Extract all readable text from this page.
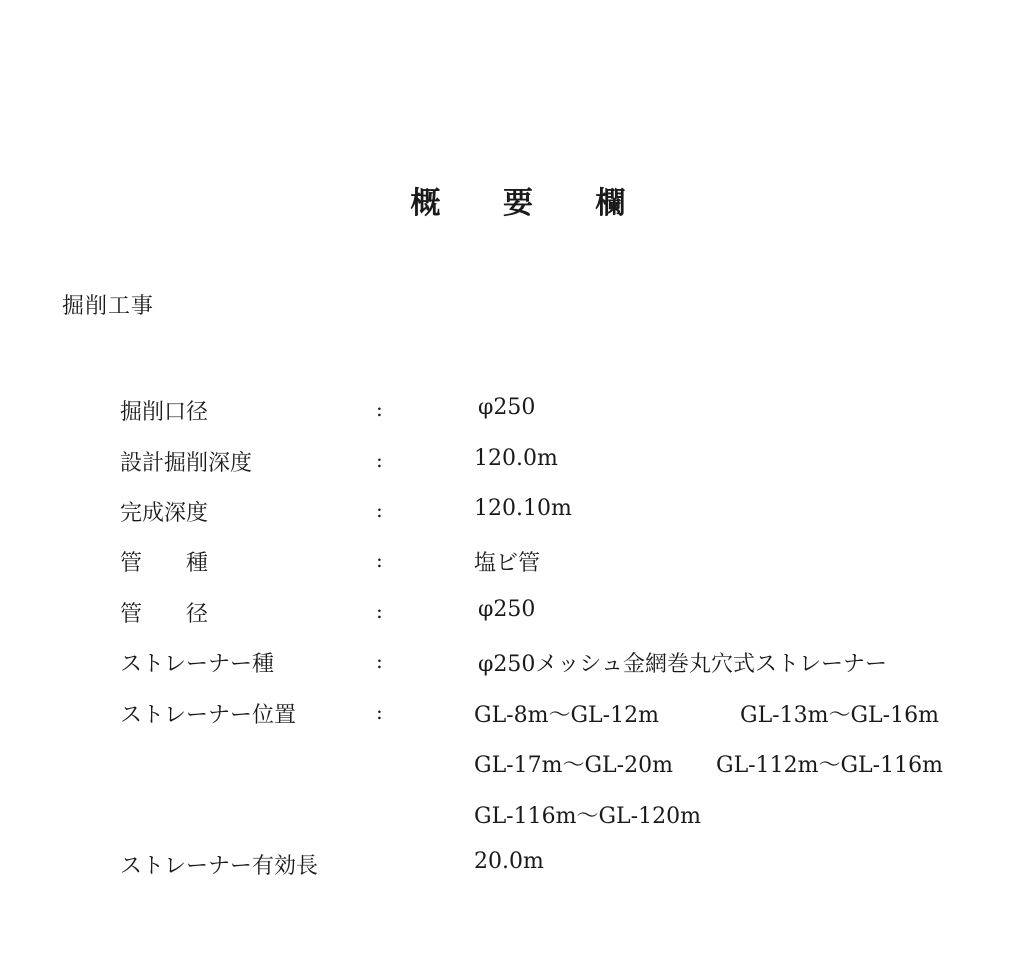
概 要 欄
掘削工事
掘削口径	:	φ250
設計掘削深度	:	120.0m
完成深度	:	120.10m
管　　種	:	塩ビ管
管　　径	:	φ250
ストレーナー種	:	φ250メッシュ金網巻丸穴式ストレーナー
ストレーナー位置	:	GL-8m～GL-12m	GL-13m～GL-16m
GL-17m～GL-20m GL-112m～GL-116m
GL-116m～GL-120m
ストレーナー有効長	20.0m
